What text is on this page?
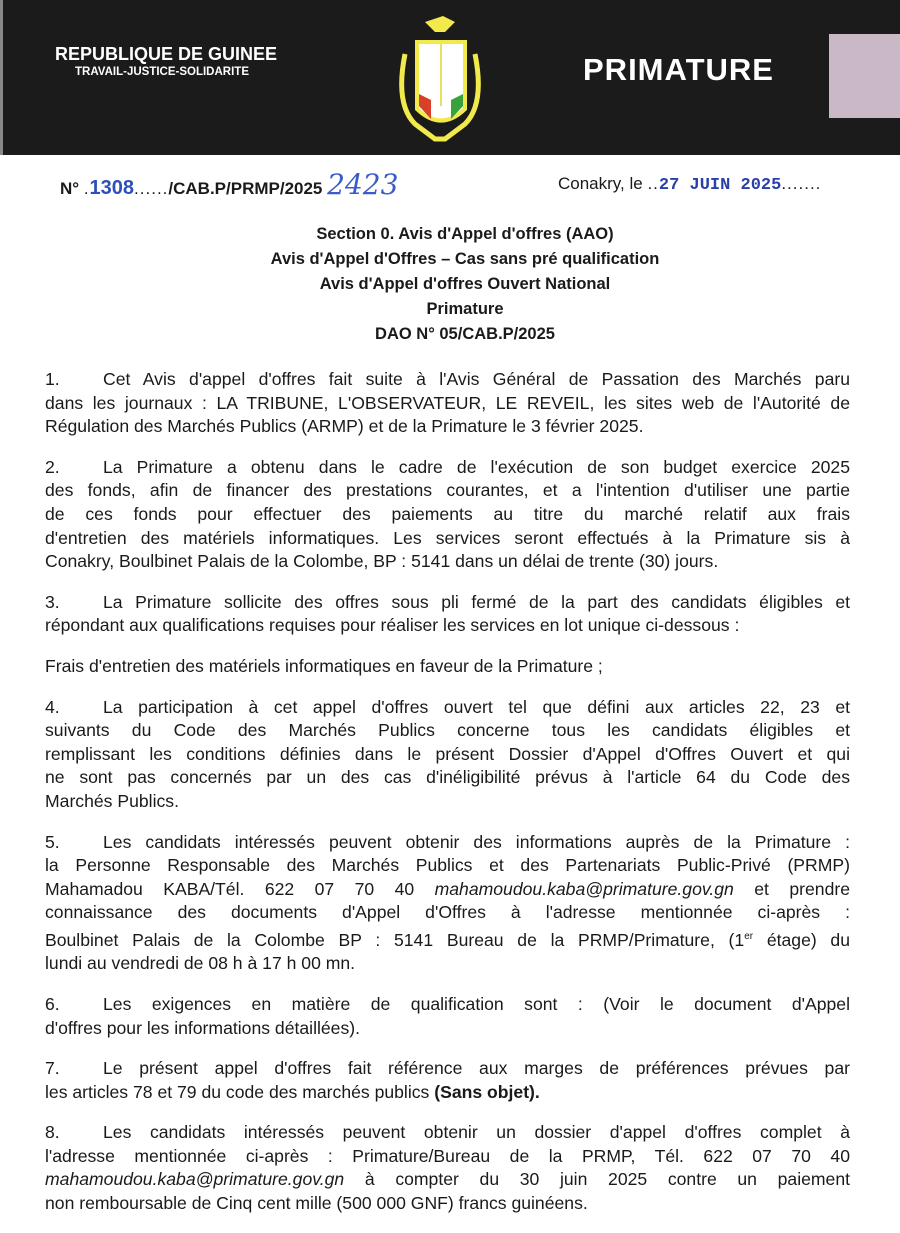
REPUBLIQUE DE GUINEE
TRAVAIL-JUSTICE-SOLIDARITE	PRIMATURE
N° .1308....../CAB.P/PRMP/2025 2423	Conakry, le ..27 JUIN 2025.......
Section 0. Avis d'Appel d'offres (AAO)
Avis d'Appel d'Offres – Cas sans pré qualification
Avis d'Appel d'offres Ouvert National
Primature
DAO N° 05/CAB.P/2025
1. Cet Avis d'appel d'offres fait suite à l'Avis Général de Passation des Marchés paru
dans les journaux : LA TRIBUNE, L'OBSERVATEUR, LE REVEIL, les sites web de l'Autorité de
Régulation des Marchés Publics (ARMP) et de la Primature le 3 février 2025.
2. La Primature a obtenu dans le cadre de l'exécution de son budget exercice 2025
des fonds, afin de financer des prestations courantes, et a l'intention d'utiliser une partie
de ces fonds pour effectuer des paiements au titre du marché relatif aux frais
d'entretien des matériels informatiques. Les services seront effectués à la Primature sis à
Conakry, Boulbinet Palais de la Colombe, BP : 5141 dans un délai de trente (30) jours.
3. La Primature sollicite des offres sous pli fermé de la part des candidats éligibles et
répondant aux qualifications requises pour réaliser les services en lot unique ci-dessous :
Frais d'entretien des matériels informatiques en faveur de la Primature ;
4. La participation à cet appel d'offres ouvert tel que défini aux articles 22, 23 et
suivants du Code des Marchés Publics concerne tous les candidats éligibles et
remplissant les conditions définies dans le présent Dossier d'Appel d'Offres Ouvert et qui
ne sont pas concernés par un des cas d'inéligibilité prévus à l'article 64 du Code des
Marchés Publics.
5. Les candidats intéressés peuvent obtenir des informations auprès de la Primature :
la Personne Responsable des Marchés Publics et des Partenariats Public-Privé (PRMP)
Mahamadou KABA/Tél. 622 07 70 40 mahamoudou.kaba@primature.gov.gn et prendre
connaissance des documents d'Appel d'Offres à l'adresse mentionnée ci-après :
Boulbinet Palais de la Colombe BP : 5141 Bureau de la PRMP/Primature, (1er étage) du
lundi au vendredi de 08 h à 17 h 00 mn.
6. Les exigences en matière de qualification sont : (Voir le document d'Appel
d'offres pour les informations détaillées).
7. Le présent appel d'offres fait référence aux marges de préférences prévues par
les articles 78 et 79 du code des marchés publics (Sans objet).
8. Les candidats intéressés peuvent obtenir un dossier d'appel d'offres complet à
l'adresse mentionnée ci-après : Primature/Bureau de la PRMP, Tél. 622 07 70 40
mahamoudou.kaba@primature.gov.gn à compter du 30 juin 2025 contre un paiement
non remboursable de Cinq cent mille (500 000 GNF) francs guinéens.
